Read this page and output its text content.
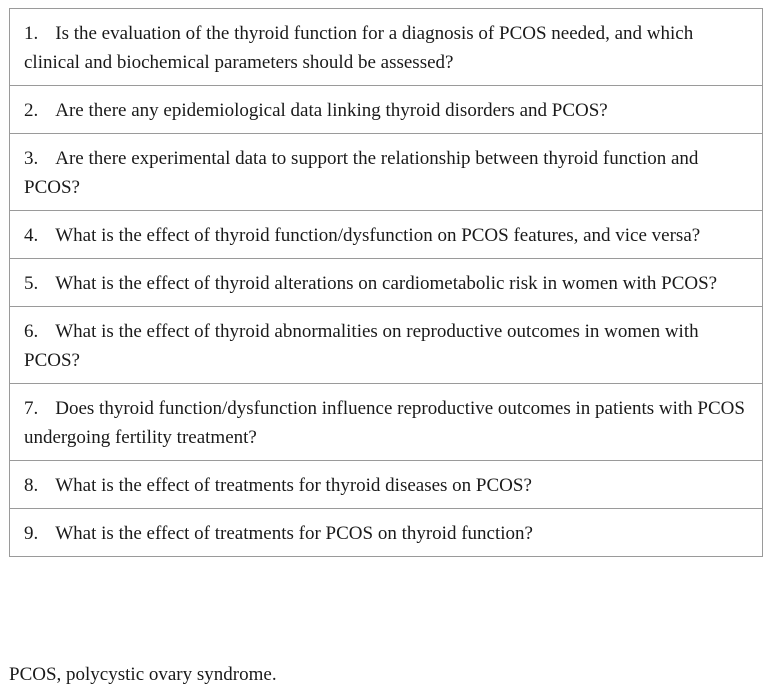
1. Is the evaluation of the thyroid function for a diagnosis of PCOS needed, and which clinical and biochemical parameters should be assessed?
2. Are there any epidemiological data linking thyroid disorders and PCOS?
3. Are there experimental data to support the relationship between thyroid function and PCOS?
4. What is the effect of thyroid function/dysfunction on PCOS features, and vice versa?
5. What is the effect of thyroid alterations on cardiometabolic risk in women with PCOS?
6. What is the effect of thyroid abnormalities on reproductive outcomes in women with PCOS?
7. Does thyroid function/dysfunction influence reproductive outcomes in patients with PCOS undergoing fertility treatment?
8. What is the effect of treatments for thyroid diseases on PCOS?
9. What is the effect of treatments for PCOS on thyroid function?
PCOS, polycystic ovary syndrome.
